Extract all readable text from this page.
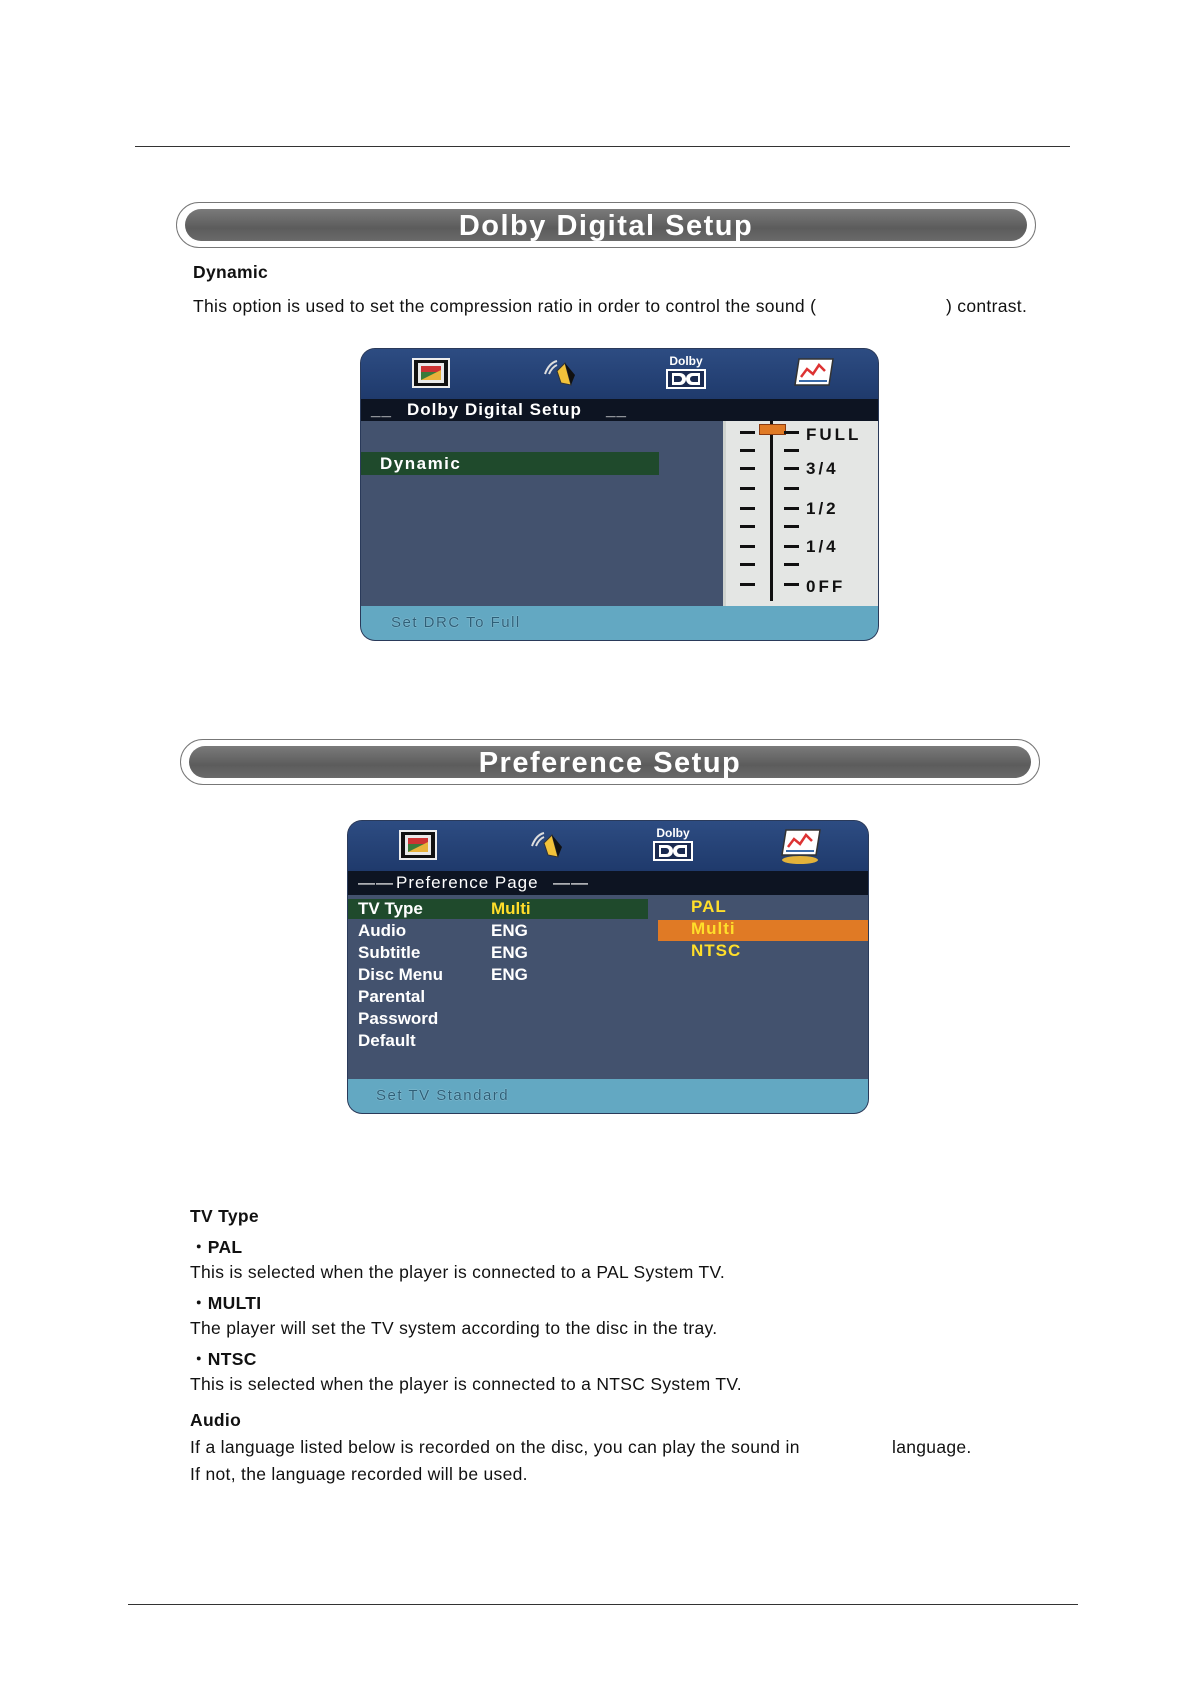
Dolby Digital Setup
Dynamic
This option is used to set the compression ratio in order to control the sound (	) contrast.
Dolby
__ Dolby Digital Setup __
Dynamic
FULL
3/4
1/2
1/4
0FF
Set DRC To Full
Preference Setup
Dolby
—— Preference Page ——
TV Type	Multi
Audio	ENG
Subtitle	ENG
Disc Menu	ENG
Parental
Password
Default
PAL
Multi
NTSC
Set TV Standard
TV Type
・PAL
This is selected when the player is connected to a PAL System TV.
・MULTI
The player will set the TV system according to the disc in the tray.
・NTSC
This is selected when the player is connected to a NTSC System TV.
Audio
If a language listed below is recorded on the disc, you can play the sound in	language.
If not, the language recorded will be used.
